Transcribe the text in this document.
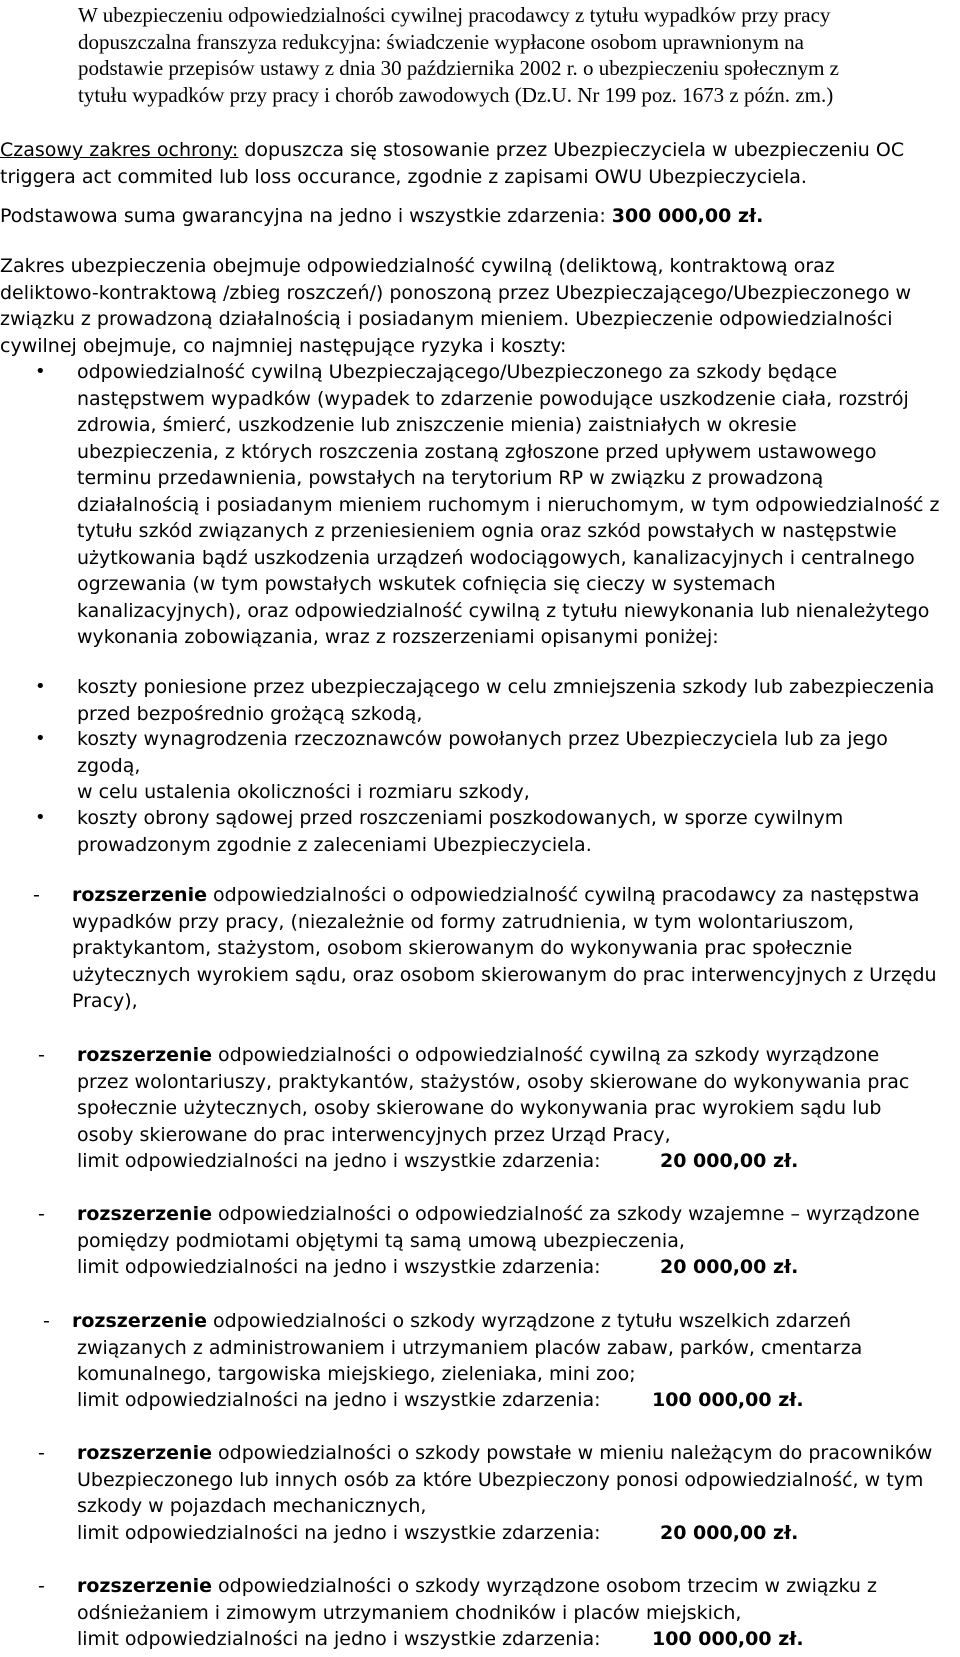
W ubezpieczeniu odpowiedzialności cywilnej pracodawcy z tytułu wypadków przy pracy
dopuszczalna franszyza redukcyjna: świadczenie wypłacone osobom uprawnionym na
podstawie przepisów ustawy z dnia 30 października 2002 r. o ubezpieczeniu społecznym z
tytułu wypadków przy pracy i chorób zawodowych (Dz.U. Nr 199 poz. 1673 z późn. zm.)
Czasowy zakres ochrony: dopuszcza się stosowanie przez Ubezpieczyciela w ubezpieczeniu OC
triggera act commited lub loss occurance, zgodnie z zapisami OWU Ubezpieczyciela.
Podstawowa suma gwarancyjna na jedno i wszystkie zdarzenia: 300 000,00 zł.
Zakres ubezpieczenia obejmuje odpowiedzialność cywilną (deliktową, kontraktową oraz
deliktowo-kontraktową /zbieg roszczeń/) ponoszoną przez Ubezpieczającego/Ubezpieczonego w
związku z prowadzoną działalnością i posiadanym mieniem. Ubezpieczenie odpowiedzialności
cywilnej obejmuje, co najmniej następujące ryzyka i koszty:
• odpowiedzialność cywilną Ubezpieczającego/Ubezpieczonego za szkody będące
następstwem wypadków (wypadek to zdarzenie powodujące uszkodzenie ciała, rozstrój
zdrowia, śmierć, uszkodzenie lub zniszczenie mienia) zaistniałych w okresie
ubezpieczenia, z których roszczenia zostaną zgłoszone przed upływem ustawowego
terminu przedawnienia, powstałych na terytorium RP w związku z prowadzoną
działalnością i posiadanym mieniem ruchomym i nieruchomym, w tym odpowiedzialność z
tytułu szkód związanych z przeniesieniem ognia oraz szkód powstałych w następstwie
użytkowania bądź uszkodzenia urządzeń wodociągowych, kanalizacyjnych i centralnego
ogrzewania (w tym powstałych wskutek cofnięcia się cieczy w systemach
kanalizacyjnych), oraz odpowiedzialność cywilną z tytułu niewykonania lub nienależytego
wykonania zobowiązania, wraz z rozszerzeniami opisanymi poniżej:
• koszty poniesione przez ubezpieczającego w celu zmniejszenia szkody lub zabezpieczenia
przed bezpośrednio grożącą szkodą,
• koszty wynagrodzenia rzeczoznawców powołanych przez Ubezpieczyciela lub za jego
zgodą,
w celu ustalenia okoliczności i rozmiaru szkody,
• koszty obrony sądowej przed roszczeniami poszkodowanych, w sporze cywilnym
prowadzonym zgodnie z zaleceniami Ubezpieczyciela.
- rozszerzenie odpowiedzialności o odpowiedzialność cywilną pracodawcy za następstwa
wypadków przy pracy, (niezależnie od formy zatrudnienia, w tym wolontariuszom,
praktykantom, stażystom, osobom skierowanym do wykonywania prac społecznie
użytecznych wyrokiem sądu, oraz osobom skierowanym do prac interwencyjnych z Urzędu
Pracy),
- rozszerzenie odpowiedzialności o odpowiedzialność cywilną za szkody wyrządzone
przez wolontariuszy, praktykantów, stażystów, osoby skierowane do wykonywania prac
społecznie użytecznych, osoby skierowane do wykonywania prac wyrokiem sądu lub
osoby skierowane do prac interwencyjnych przez Urząd Pracy,
limit odpowiedzialności na jedno i wszystkie zdarzenia:	20 000,00 zł.
- rozszerzenie odpowiedzialności o odpowiedzialność za szkody wzajemne – wyrządzone
pomiędzy podmiotami objętymi tą samą umową ubezpieczenia,
limit odpowiedzialności na jedno i wszystkie zdarzenia:	20 000,00 zł.
- rozszerzenie odpowiedzialności o szkody wyrządzone z tytułu wszelkich zdarzeń
związanych z administrowaniem i utrzymaniem placów zabaw, parków, cmentarza
komunalnego, targowiska miejskiego, zieleniaka, mini zoo;
limit odpowiedzialności na jedno i wszystkie zdarzenia:	100 000,00 zł.
- rozszerzenie odpowiedzialności o szkody powstałe w mieniu należącym do pracowników
Ubezpieczonego lub innych osób za które Ubezpieczony ponosi odpowiedzialność, w tym
szkody w pojazdach mechanicznych,
limit odpowiedzialności na jedno i wszystkie zdarzenia:	20 000,00 zł.
- rozszerzenie odpowiedzialności o szkody wyrządzone osobom trzecim w związku z
odśnieżaniem i zimowym utrzymaniem chodników i placów miejskich,
limit odpowiedzialności na jedno i wszystkie zdarzenia:	100 000,00 zł.
